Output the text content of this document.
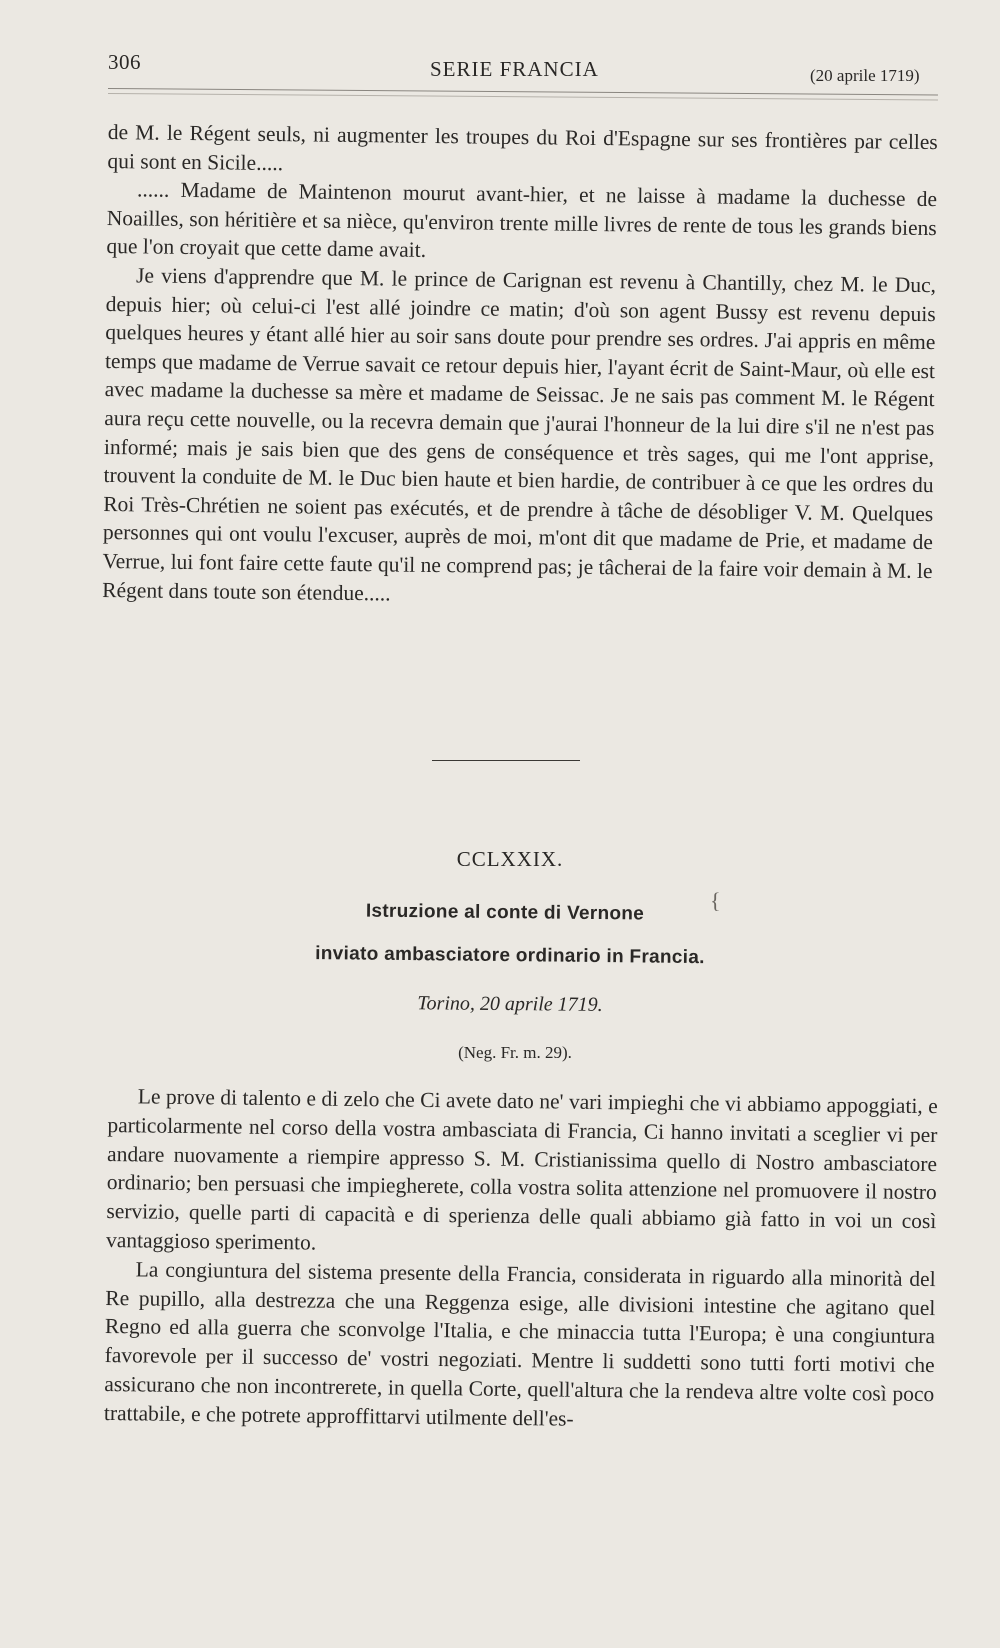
306	SERIE FRANCIA	(20 aprile 1719)

de M. le Régent seuls, ni augmenter les troupes du Roi d'Espagne sur ses frontières par celles qui sont en Sicile.....

...... Madame de Maintenon mourut avant-hier, et ne laisse à madame la duchesse de Noailles, son héritière et sa nièce, qu'environ trente mille livres de rente de tous les grands biens que l'on croyait que cette dame avait.

Je viens d'apprendre que M. le prince de Carignan est revenu à Chantilly, chez M. le Duc, depuis hier; où celui-ci l'est allé joindre ce matin; d'où son agent Bussy est revenu depuis quelques heures y étant allé hier au soir sans doute pour prendre ses ordres. J'ai appris en même temps que madame de Verrue savait ce retour depuis hier, l'ayant écrit de Saint-Maur, où elle est avec madame la duchesse sa mère et madame de Seissac. Je ne sais pas comment M. le Régent aura reçu cette nouvelle, ou la recevra demain que j'aurai l'honneur de la lui dire s'il ne n'est pas informé; mais je sais bien que des gens de conséquence et très sages, qui me l'ont apprise, trouvent la conduite de M. le Duc bien haute et bien hardie, de contribuer à ce que les ordres du Roi Très-Chrétien ne soient pas exécutés, et de prendre à tâche de désobliger V. M. Quelques personnes qui ont voulu l'excuser, auprès de moi, m'ont dit que madame de Prie, et madame de Verrue, lui font faire cette faute qu'il ne comprend pas; je tâcherai de la faire voir demain à M. le Régent dans toute son étendue.....

CCLXXIX.
Istruzione al conte di Vernone	{
inviato ambasciatore ordinario in Francia.
Torino, 20 aprile 1719.
(Neg. Fr. m. 29).

Le prove di talento e di zelo che Ci avete dato ne' vari impieghi che vi abbiamo appoggiati, e particolarmente nel corso della vostra ambasciata di Francia, Ci hanno invitati a sceglier vi per andare nuovamente a riempire appresso S. M. Cristianissima quello di Nostro ambasciatore ordinario; ben persuasi che impiegherete, colla vostra solita attenzione nel promuovere il nostro servizio, quelle parti di capacità e di sperienza delle quali abbiamo già fatto in voi un così vantaggioso sperimento.

La congiuntura del sistema presente della Francia, considerata in riguardo alla minorità del Re pupillo, alla destrezza che una Reggenza esige, alle divisioni intestine che agitano quel Regno ed alla guerra che sconvolge l'Italia, e che minaccia tutta l'Europa; è una congiuntura favorevole per il successo de' vostri negoziati. Mentre li suddetti sono tutti forti motivi che assicurano che non incontrerete, in quella Corte, quell'altura che la rendeva altre volte così poco trattabile, e che potrete approffittarvi utilmente dell'es-
